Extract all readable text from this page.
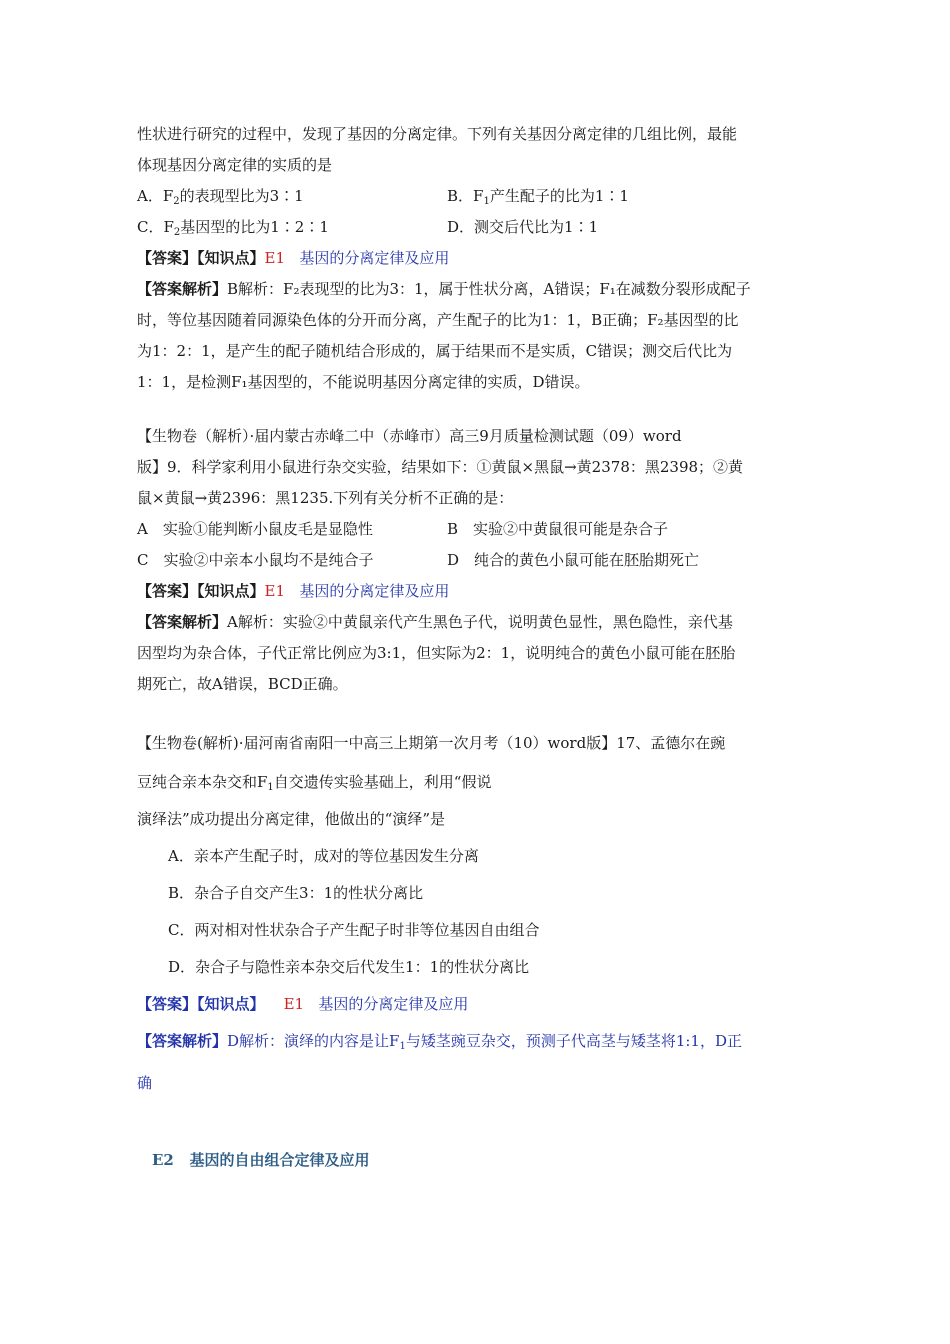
性状进行研究的过程中，发现了基因的分离定律。下列有关基因分离定律的几组比例，最能
体现基因分离定律的实质的是
A．$F_2$的表现型比为3∶1	B．$F_1$产生配子的比为1∶1
C．$F_2$基因型的比为1∶2∶1	D．测交后代比为1∶1
【答案】【知识点】E1 基因的分离定律及应用
【答案解析】B解析：F₂表现型的比为3：1，属于性状分离，A错误；F₁在减数分裂形成配子
时，等位基因随着同源染色体的分开而分离，产生配子的比为1：1，B正确；F₂基因型的比
为1：2：1，是产生的配子随机结合形成的，属于结果而不是实质，C错误；测交后代比为
1：1，是检测F₁基因型的，不能说明基因分离定律的实质，D错误。
【生物卷（解析）·届内蒙古赤峰二中（赤峰市）高三9月质量检测试题（09）word
版】9．科学家利用小鼠进行杂交实验，结果如下：①黄鼠×黑鼠→黄2378：黑2398；②黄
鼠×黄鼠→黄2396：黑1235.下列有关分析不正确的是：
A　实验①能判断小鼠皮毛是显隐性	B　实验②中黄鼠很可能是杂合子
C　实验②中亲本小鼠均不是纯合子	D　纯合的黄色小鼠可能在胚胎期死亡
【答案】【知识点】E1 基因的分离定律及应用
【答案解析】A解析：实验②中黄鼠亲代产生黑色子代，说明黄色显性，黑色隐性，亲代基
因型均为杂合体，子代正常比例应为3:1，但实际为2：1，说明纯合的黄色小鼠可能在胚胎
期死亡，故A错误，BCD正确。
【生物卷(解析)·届河南省南阳一中高三上期第一次月考（10）word版】17、孟德尔在豌
豆纯合亲本杂交和$F_1$自交遗传实验基础上，利用“假说
演绎法”成功提出分离定律，他做出的“演绎”是
A．亲本产生配子时，成对的等位基因发生分离
B．杂合子自交产生3：1的性状分离比
C．两对相对性状杂合子产生配子时非等位基因自由组合
D．杂合子与隐性亲本杂交后代发生1：1的性状分离比
【答案】【知识点】 E1 基因的分离定律及应用
【答案解析】D解析：演绎的内容是让$F_1$与矮茎豌豆杂交，预测子代高茎与矮茎将1:1，D正
确
E2 基因的自由组合定律及应用
